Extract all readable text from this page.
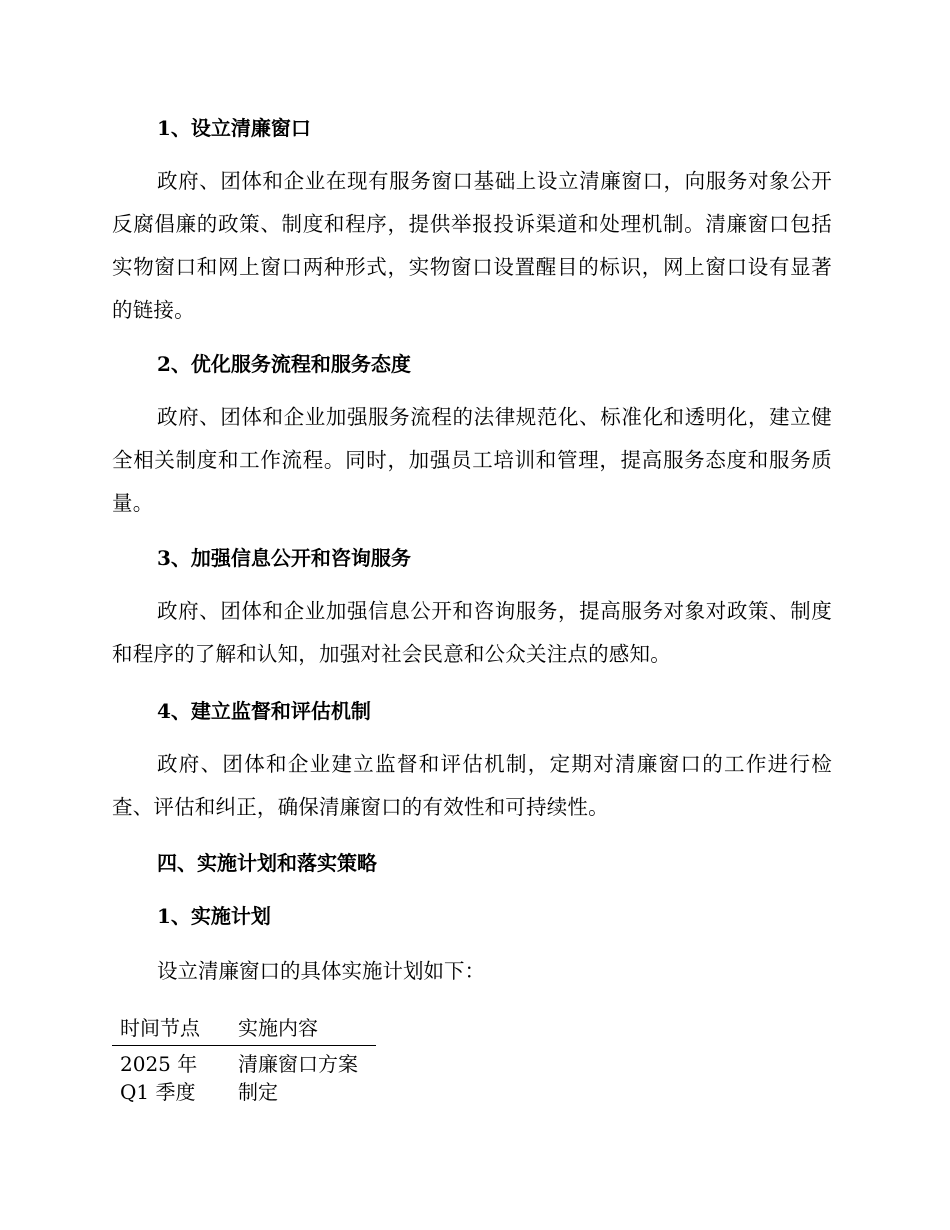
1、设立清廉窗口
政府、团体和企业在现有服务窗口基础上设立清廉窗口，向服务对象公开反腐倡廉的政策、制度和程序，提供举报投诉渠道和处理机制。清廉窗口包括实物窗口和网上窗口两种形式，实物窗口设置醒目的标识，网上窗口设有显著的链接。
2、优化服务流程和服务态度
政府、团体和企业加强服务流程的法律规范化、标准化和透明化，建立健全相关制度和工作流程。同时，加强员工培训和管理，提高服务态度和服务质量。
3、加强信息公开和咨询服务
政府、团体和企业加强信息公开和咨询服务，提高服务对象对政策、制度和程序的了解和认知，加强对社会民意和公众关注点的感知。
4、建立监督和评估机制
政府、团体和企业建立监督和评估机制，定期对清廉窗口的工作进行检查、评估和纠正，确保清廉窗口的有效性和可持续性。
四、实施计划和落实策略
1、实施计划
设立清廉窗口的具体实施计划如下：
时间节点	实施内容
2025 年 Q1 季度	清廉窗口方案制定
